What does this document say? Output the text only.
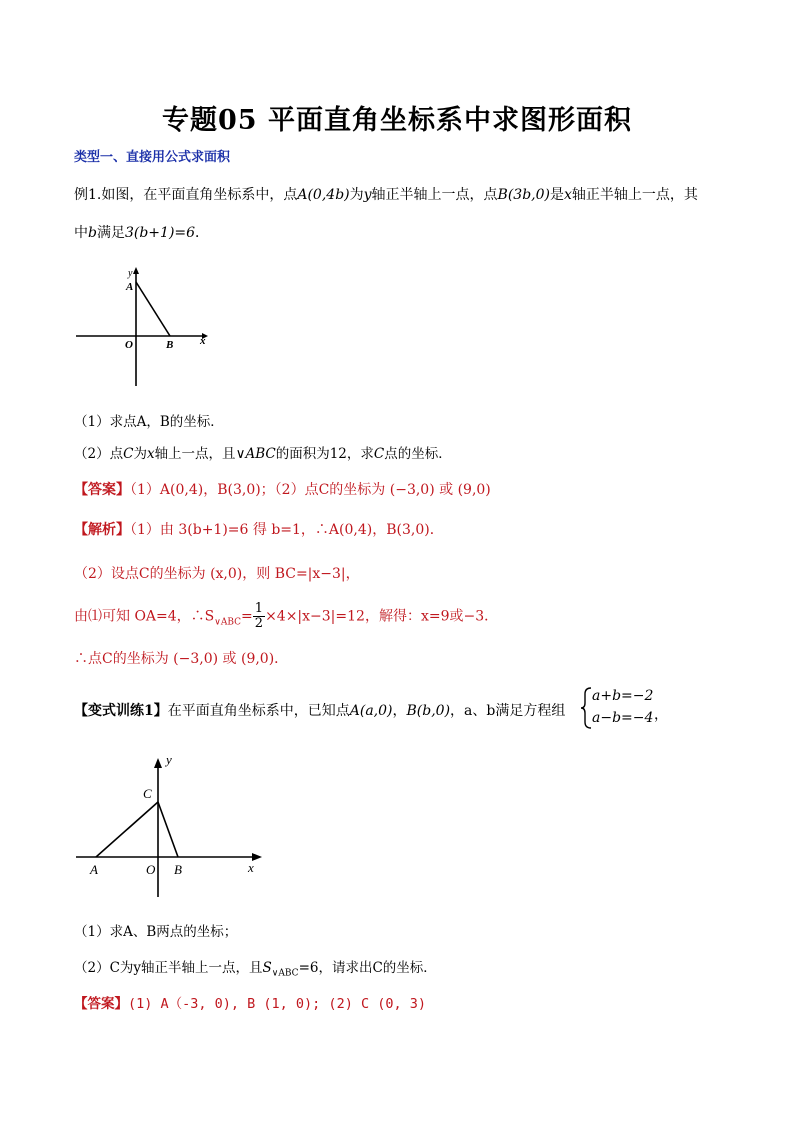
专题05 平面直角坐标系中求图形面积
类型一、直接用公式求面积
例1.如图，在平面直角坐标系中，点A(0,4b)为y轴正半轴上一点，点B(3b,0)是x轴正半轴上一点，其
中b满足3(b+1)=6．
y
A
O	B x
（1）求点A，B的坐标．
（2）点C为x轴上一点，且∨ABC的面积为12，求C点的坐标．
【答案】（1）A(0,4)，B(3,0)；（2）点C的坐标为 (−3,0) 或 (9,0)
【解析】（1）由 3(b+1)=6 得 b=1，∴A(0,4)，B(3,0)．
（2）设点C的坐标为 (x,0)，则 BC=|x−3|，
由⑴可知 OA=4，$\therefore S_{\vee ABC}= \frac{1}{2} \times 4\times|x-3|=12$，解得：x=9或−3．
∴点C的坐标为 (−3,0) 或 (9,0)．
【变式训练1】在平面直角坐标系中，已知点A(a,0)，B(b,0)，a、b满足方程组
a+b=−2
a−b=−4 ，
y
C
A	O B	x
（1）求A、B两点的坐标；
（2）C为y轴正半轴上一点，且$S_{\vee ABC}=6$，请求出C的坐标．
【答案】(1) A（-3, 0), B (1, 0); (2) C (0, 3)
